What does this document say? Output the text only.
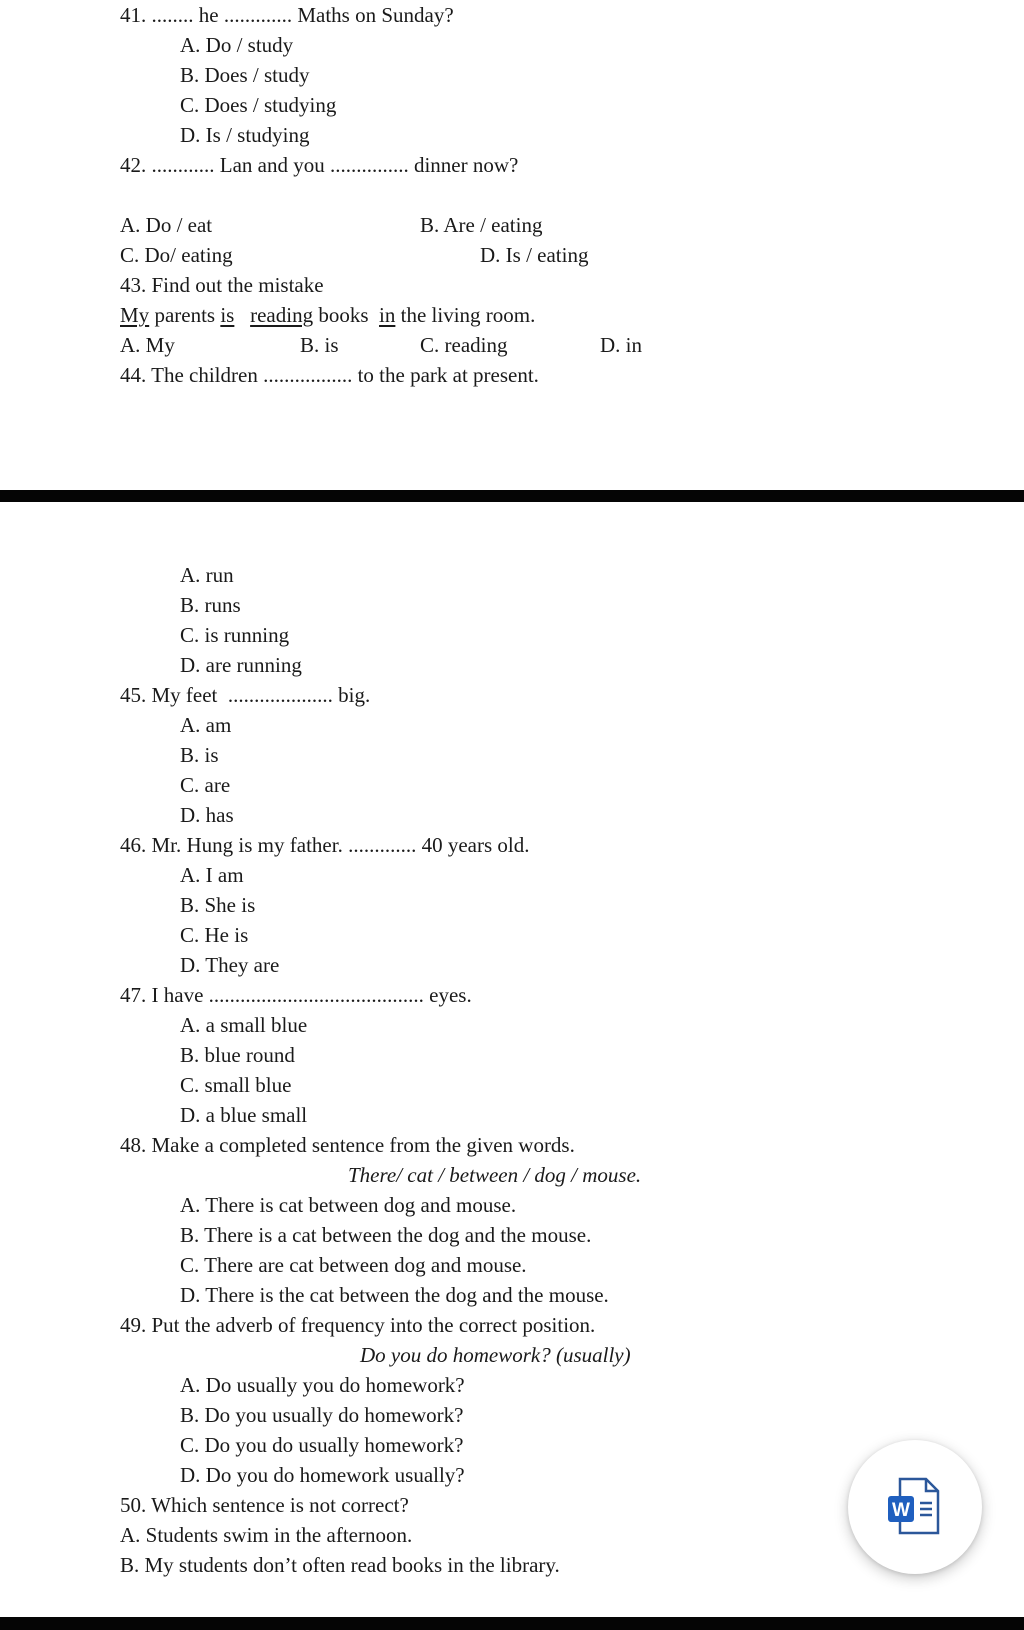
41. ........ he ............. Maths on Sunday?
A. Do / study
B. Does / study
C. Does / studying
D. Is / studying
42. ............ Lan and you ............... dinner now?
A. Do / eat	B. Are / eating
C. Do/ eating	D. Is / eating
43. Find out the mistake
My parents is reading books  in the living room.
A. My	B. is	C. reading	D. in
44. The children ................. to the park at present.
A. run
B. runs
C. is running
D. are running
45. My feet  .................... big.
A. am
B. is
C. are
D. has
46. Mr. Hung is my father. ............. 40 years old.
A. I am
B. She is
C. He is
D. They are
47. I have ......................................... eyes.
A. a small blue
B. blue round
C. small blue
D. a blue small
48. Make a completed sentence from the given words.
There/ cat / between / dog / mouse.
A. There is cat between dog and mouse.
B. There is a cat between the dog and the mouse.
C. There are cat between dog and mouse.
D. There is the cat between the dog and the mouse.
49. Put the adverb of frequency into the correct position.
Do you do homework? (usually)
A. Do usually you do homework?
B. Do you usually do homework?
C. Do you do usually homework?
D. Do you do homework usually?
50. Which sentence is not correct?
A. Students swim in the afternoon.
B. My students don’t often read books in the library.
W
